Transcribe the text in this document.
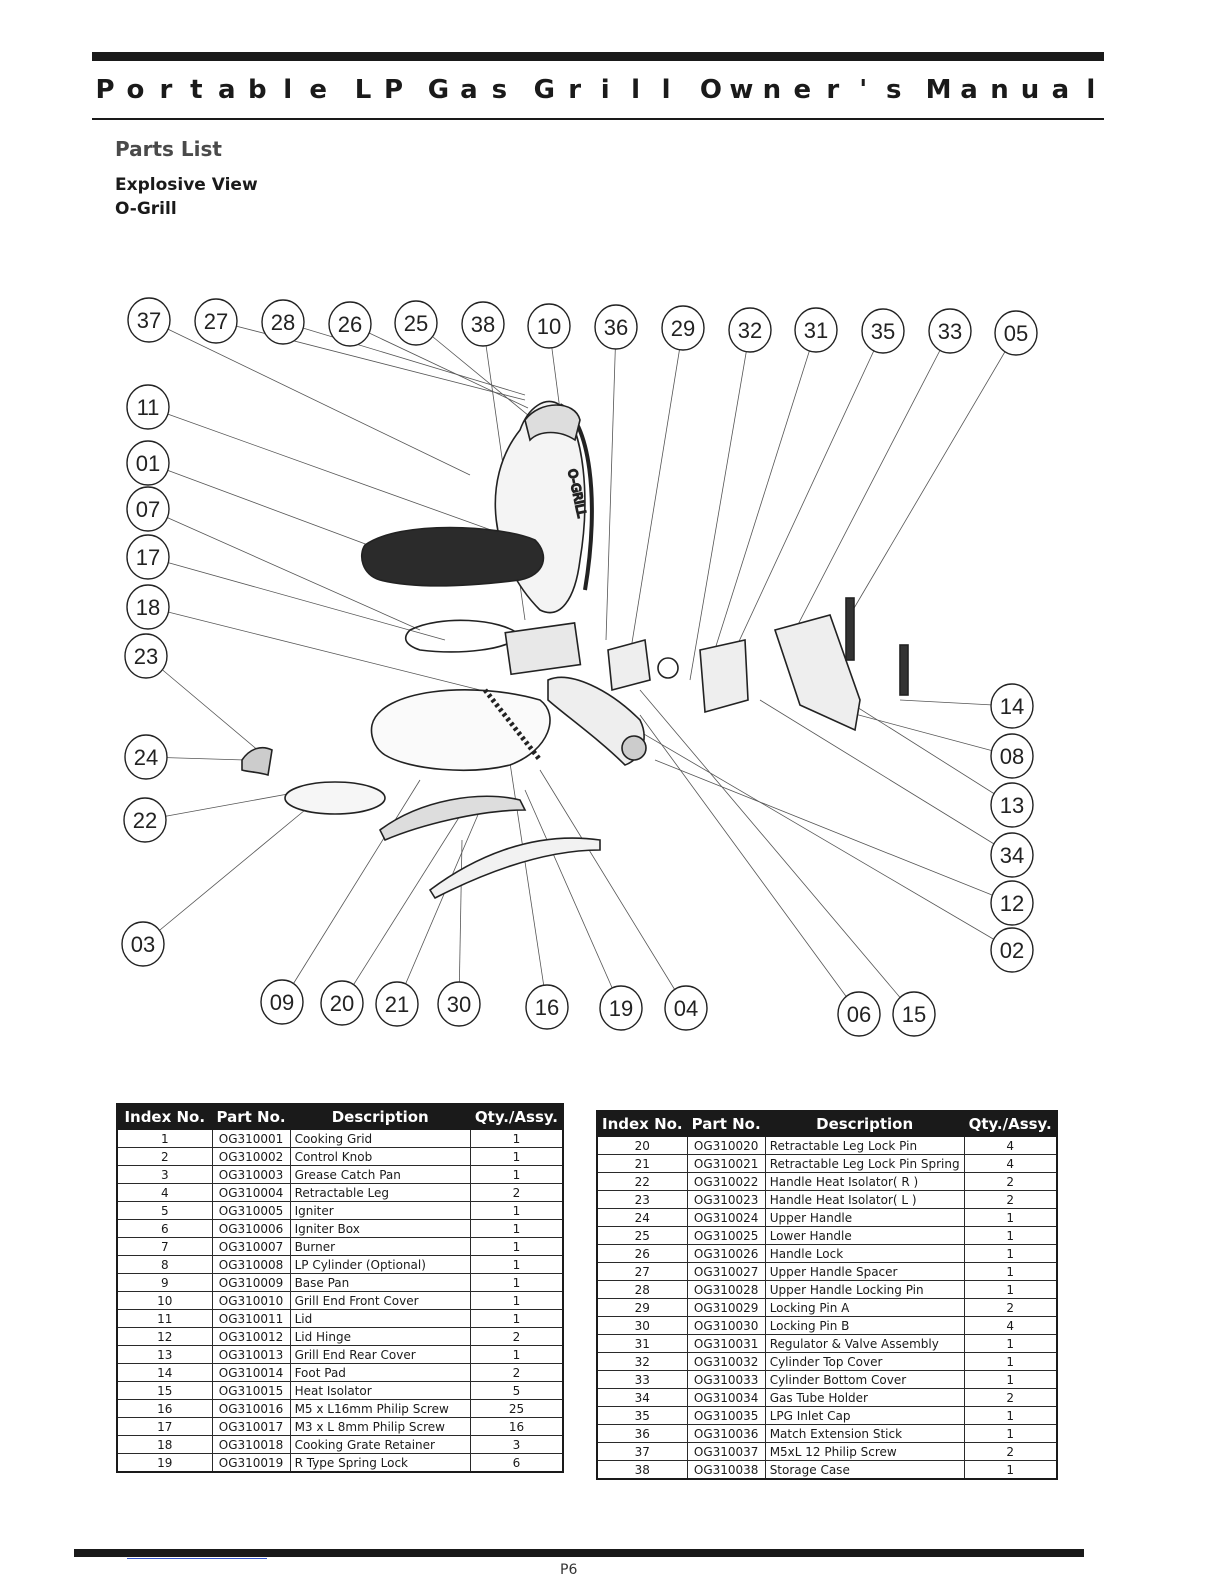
P o r t a b l e L P G a s G r i l l	O w n e r ' s M a n u a l
Parts List
Explosive View
O-Grill
O-GRILL
37 27 28 26 25 38 10 36 29 32 31 35 33 05
11
01
07
17
18
23
24
22
03
09 20 21 30	16 19 04	06 15
14
08
13
34
12
02
Index No.	Part No.	Description	Qty./Assy.
1	OG310001	Cooking Grid	1
2	OG310002	Control Knob	1
3	OG310003	Grease Catch Pan	1
4	OG310004	Retractable Leg	2
5	OG310005	Igniter	1
6	OG310006	Igniter Box	1
7	OG310007	Burner	1
8	OG310008	LP Cylinder (Optional)	1
9	OG310009	Base Pan	1
10	OG310010	Grill End Front Cover	1
11	OG310011	Lid	1
12	OG310012	Lid Hinge	2
13	OG310013	Grill End Rear Cover	1
14	OG310014	Foot Pad	2
15	OG310015	Heat Isolator	5
16	OG310016	M5 x L16mm Philip Screw	25
17	OG310017	M3 x L 8mm Philip Screw	16
18	OG310018	Cooking Grate Retainer	3
19	OG310019	R Type Spring Lock	6
Index No.	Part No.	Description	Qty./Assy.
20	OG310020	Retractable Leg Lock Pin	4
21	OG310021	Retractable Leg Lock Pin Spring	4
22	OG310022	Handle Heat Isolator( R )	2
23	OG310023	Handle Heat Isolator( L )	2
24	OG310024	Upper Handle	1
25	OG310025	Lower Handle	1
26	OG310026	Handle Lock	1
27	OG310027	Upper Handle Spacer	1
28	OG310028	Upper Handle Locking Pin	1
29	OG310029	Locking Pin A	2
30	OG310030	Locking Pin B	4
31	OG310031	Regulator & Valve Assembly	1
32	OG310032	Cylinder Top Cover	1
33	OG310033	Cylinder Bottom Cover	1
34	OG310034	Gas Tube Holder	2
35	OG310035	LPG Inlet Cap	1
36	OG310036	Match Extension Stick	1
37	OG310037	M5xL 12 Philip Screw	2
38	OG310038	Storage Case	1
P6
